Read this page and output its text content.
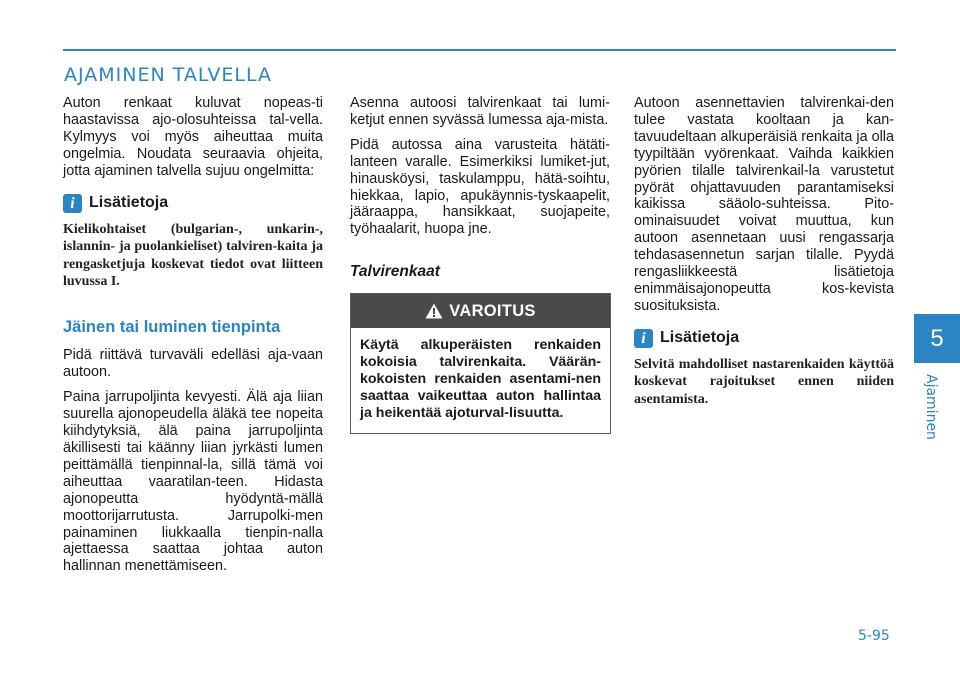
AJAMINEN TALVELLA

Auton renkaat kuluvat nopeas-ti haastavissa ajo-olosuhteissa tal-vella. Kylmyys voi myös aiheuttaa muita ongelmia. Noudata seuraavia ohjeita, jotta ajaminen talvella sujuu ongelmitta:

i Lisätietoja

Kielikohtaiset (bulgarian-, unkarin-, islannin- ja puolankieliset) talviren-kaita ja rengasketjuja koskevat tiedot ovat liitteen luvussa I.

Jäinen tai luminen tienpinta

Pidä riittävä turvaväli edelläsi aja-vaan autoon.

Paina jarrupoljinta kevyesti. Älä aja liian suurella ajonopeudella äläkä tee nopeita kiihdytyksiä, älä paina jarrupoljinta äkillisesti tai käänny liian jyrkästi lumen peittämällä tienpinnal-la, sillä tämä voi aiheuttaa vaaratilan-teen. Hidasta ajonopeutta hyödyntä-mällä moottorijarrutusta. Jarrupolki-men painaminen liukkaalla tienpin-nalla ajettaessa saattaa johtaa auton hallinnan menettämiseen.

Asenna autoosi talvirenkaat tai lumi-ketjut ennen syvässä lumessa aja-mista.

Pidä autossa aina varusteita hätäti-lanteen varalle. Esimerkiksi lumiket-jut, hinausköysi, taskulamppu, hätä-soihtu, hiekkaa, lapio, apukäynnis-tyskaapelit, jääraappa, hansikkaat, suojapeite, työhaalarit, huopa jne.

Talvirenkaat
VAROITUS
Käytä alkuperäisten renkaiden kokoisia talvirenkaita. Väärän-kokoisten renkaiden asentami-nen saattaa vaikeuttaa auton hallintaa ja heikentää ajoturval-lisuutta.

Autoon asennettavien talvirenkai-den tulee vastata kooltaan ja kan-tavuudeltaan alkuperäisiä renkaita ja olla tyypiltään vyörenkaat. Vaihda kaikkien pyörien tilalle talvirenkail-la varustetut pyörät ohjattavuuden parantamiseksi kaikissa sääolo-suhteissa. Pito-ominaisuudet voivat muuttua, kun autoon asennetaan uusi rengassarja tehdasasennetun sarjan tilalle. Pyydä rengasliikkeestä lisätietoja enimmäisajonopeutta kos-kevista suosituksista.

i Lisätietoja

Selvitä mahdolliset nastarenkaiden käyttöä koskevat rajoitukset ennen niiden asentamista.

5
Ajaminen
5-95
